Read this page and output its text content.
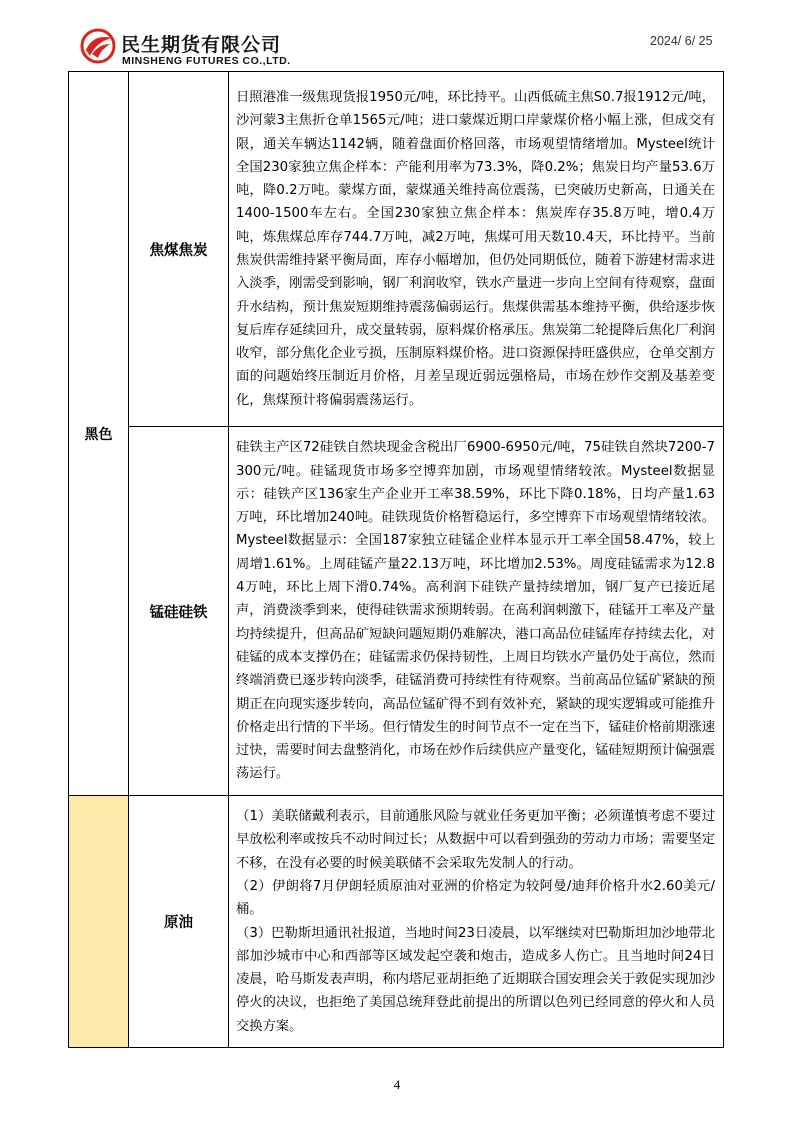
民生期货有限公司
MINSHENG FUTURES CO.,LTD.
2024/ 6/ 25
黑色	焦煤焦炭	日照港准一级焦现货报1950元/吨，环比持平。山西低硫主焦S0.7报1912元/吨，沙河蒙3主焦折仓单1565元/吨；进口蒙煤近期口岸蒙煤价格小幅上涨，但成交有限，通关车辆达1142辆，随着盘面价格回落，市场观望情绪增加。Mysteel统计全国230家独立焦企样本：产能利用率为73.3%，降0.2%；焦炭日均产量53.6万吨，降0.2万吨。蒙煤方面，蒙煤通关维持高位震荡，已突破历史新高，日通关在1400-1500车左右。全国230家独立焦企样本：焦炭库存35.8万吨，增0.4万吨，炼焦煤总库存744.7万吨，减2万吨，焦煤可用天数10.4天，环比持平。当前焦炭供需维持紧平衡局面，库存小幅增加，但仍处同期低位，随着下游建材需求进入淡季，刚需受到影响，钢厂利润收窄，铁水产量进一步向上空间有待观察，盘面升水结构，预计焦炭短期维持震荡偏弱运行。焦煤供需基本维持平衡，供给逐步恢复后库存延续回升，成交量转弱，原料煤价格承压。焦炭第二轮提降后焦化厂利润收窄，部分焦化企业亏损，压制原料煤价格。进口资源保持旺盛供应，仓单交割方面的问题始终压制近月价格，月差呈现近弱远强格局，市场在炒作交割及基差变化，焦煤预计将偏弱震荡运行。

	锰硅硅铁	硅铁主产区72硅铁自然块现金含税出厂6900-6950元/吨，75硅铁自然块7200-7300元/吨。硅锰现货市场多空博弈加剧，市场观望情绪较浓。Mysteel数据显示：硅铁产区136家生产企业开工率38.59%，环比下降0.18%，日均产量1.63万吨，环比增加240吨。硅铁现货价格暂稳运行，多空博弈下市场观望情绪较浓。Mysteel数据显示：全国187家独立硅锰企业样本显示开工率全国58.47%，较上周增1.61%。上周硅锰产量22.13万吨，环比增加2.53%。周度硅锰需求为12.84万吨，环比上周下滑0.74%。高利润下硅铁产量持续增加，钢厂复产已接近尾声，消费淡季到来，使得硅铁需求预期转弱。在高利润刺激下，硅锰开工率及产量均持续提升，但高品矿短缺问题短期仍难解决，港口高品位硅锰库存持续去化，对硅锰的成本支撑仍在；硅锰需求仍保持韧性，上周日均铁水产量仍处于高位，然而终端消费已逐步转向淡季，硅锰消费可持续性有待观察。当前高品位锰矿紧缺的预期正在向现实逐步转向，高品位锰矿得不到有效补充，紧缺的现实逻辑或可能推升价格走出行情的下半场。但行情发生的时间节点不一定在当下，锰硅价格前期涨速过快，需要时间去盘整消化，市场在炒作后续供应产量变化，锰硅短期预计偏强震荡运行。

	原油	（1）美联储戴利表示，目前通胀风险与就业任务更加平衡；必须谨慎考虑不要过早放松利率或按兵不动时间过长；从数据中可以看到强劲的劳动力市场；需要坚定不移，在没有必要的时候美联储不会采取先发制人的行动。

（2）伊朗将7月伊朗轻质原油对亚洲的价格定为较阿曼/迪拜价格升水2.60美元/桶。

（3）巴勒斯坦通讯社报道，当地时间23日凌晨，以军继续对巴勒斯坦加沙地带北部加沙城市中心和西部等区域发起空袭和炮击，造成多人伤亡。且当地时间24日凌晨，哈马斯发表声明，称内塔尼亚胡拒绝了近期联合国安理会关于敦促实现加沙停火的决议，也拒绝了美国总统拜登此前提出的所谓以色列已经同意的停火和人员交换方案。

4
